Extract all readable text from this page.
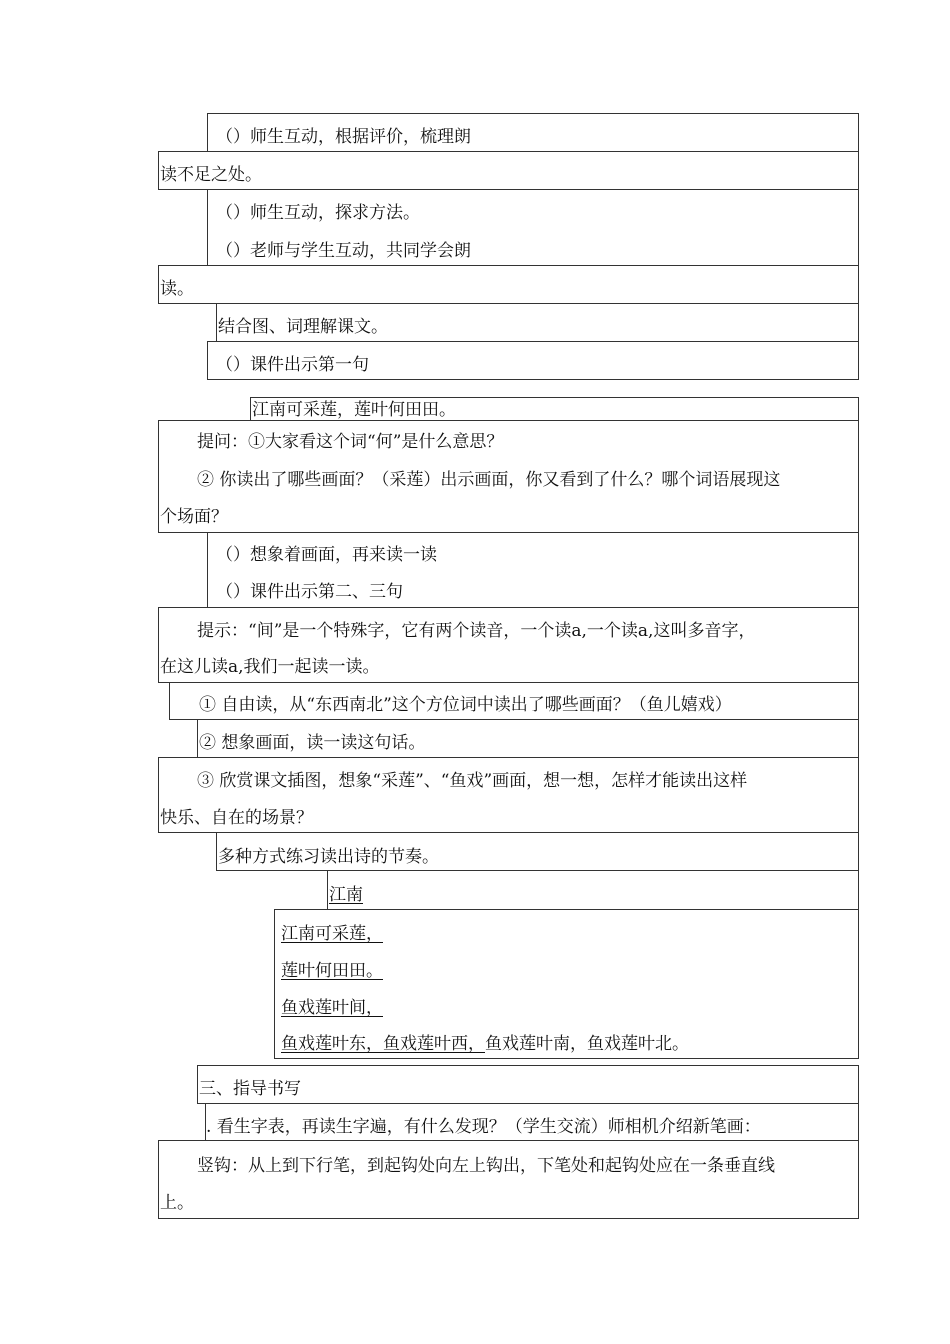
（）师生互动，根据评价，梳理朗
读不足之处。
（）师生互动，探求方法。
（）老师与学生互动，共同学会朗
读。
结合图、词理解课文。
（）课件出示第一句
江南可采莲，莲叶何田田。
提问：①大家看这个词“何”是什么意思？
② 你读出了哪些画面？（采莲）出示画面，你又看到了什么？哪个词语展现这
个场面？
（）想象着画面，再来读一读
（）课件出示第二、三句
提示：“间”是一个特殊字，它有两个读音，一个读a,一个读a,这叫多音字，
在这儿读a,我们一起读一读。
① 自由读，从“东西南北”这个方位词中读出了哪些画面？（鱼儿嬉戏）
② 想象画面，读一读这句话。
③ 欣赏课文插图，想象“采莲”、“鱼戏”画面，想一想，怎样才能读出这样
快乐、自在的场景？
多种方式练习读出诗的节奏。
江南
江南可采莲，
莲叶何田田。
鱼戏莲叶间，
鱼戏莲叶东，鱼戏莲叶西，鱼戏莲叶南，鱼戏莲叶北。
三、指导书写
. 看生字表，再读生字遍，有什么发现？（学生交流）师相机介绍新笔画：
竖钩：从上到下行笔，到起钩处向左上钩出，下笔处和起钩处应在一条垂直线
上。
